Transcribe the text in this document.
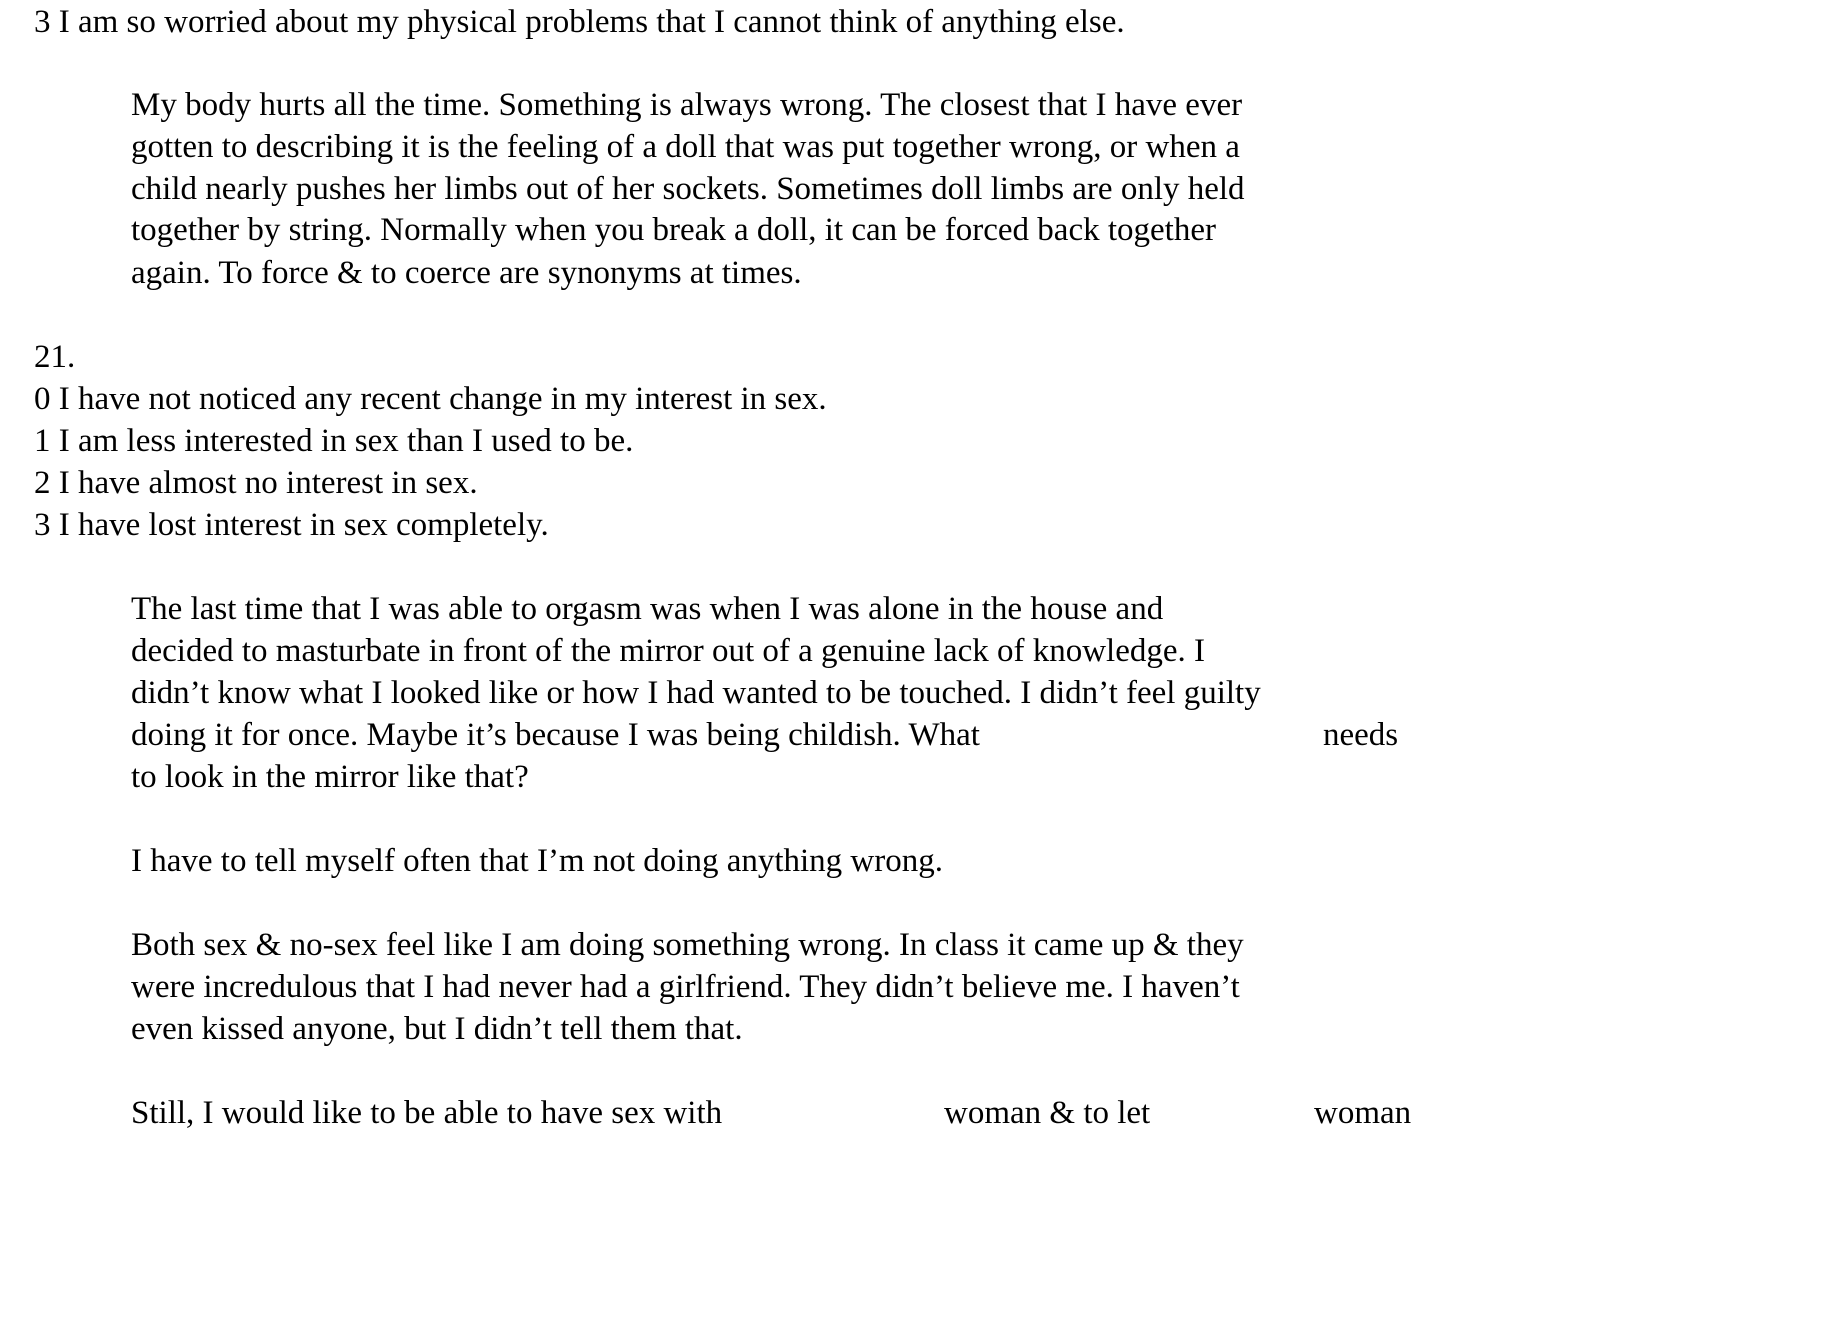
3 I am so worried about my physical problems that I cannot think of anything else.
My body hurts all the time. Something is always wrong. The closest that I have ever
gotten to describing it is the feeling of a doll that was put together wrong, or when a
child nearly pushes her limbs out of her sockets. Sometimes doll limbs are only held
together by string. Normally when you break a doll, it can be forced back together
again. To force & to coerce are synonyms at times.
21.
0 I have not noticed any recent change in my interest in sex.
1 I am less interested in sex than I used to be.
2 I have almost no interest in sex.
3 I have lost interest in sex completely.
The last time that I was able to orgasm was when I was alone in the house and
decided to masturbate in front of the mirror out of a genuine lack of knowledge. I
didn’t know what I looked like or how I had wanted to be touched. I didn’t feel guilty
doing it for once. Maybe it’s because I was being childish. What	needs
to look in the mirror like that?
I have to tell myself often that I’m not doing anything wrong.
Both sex & no-sex feel like I am doing something wrong. In class it came up & they
were incredulous that I had never had a girlfriend. They didn’t believe me. I haven’t
even kissed anyone, but I didn’t tell them that.
Still, I would like to be able to have sex with	woman & to let	woman
